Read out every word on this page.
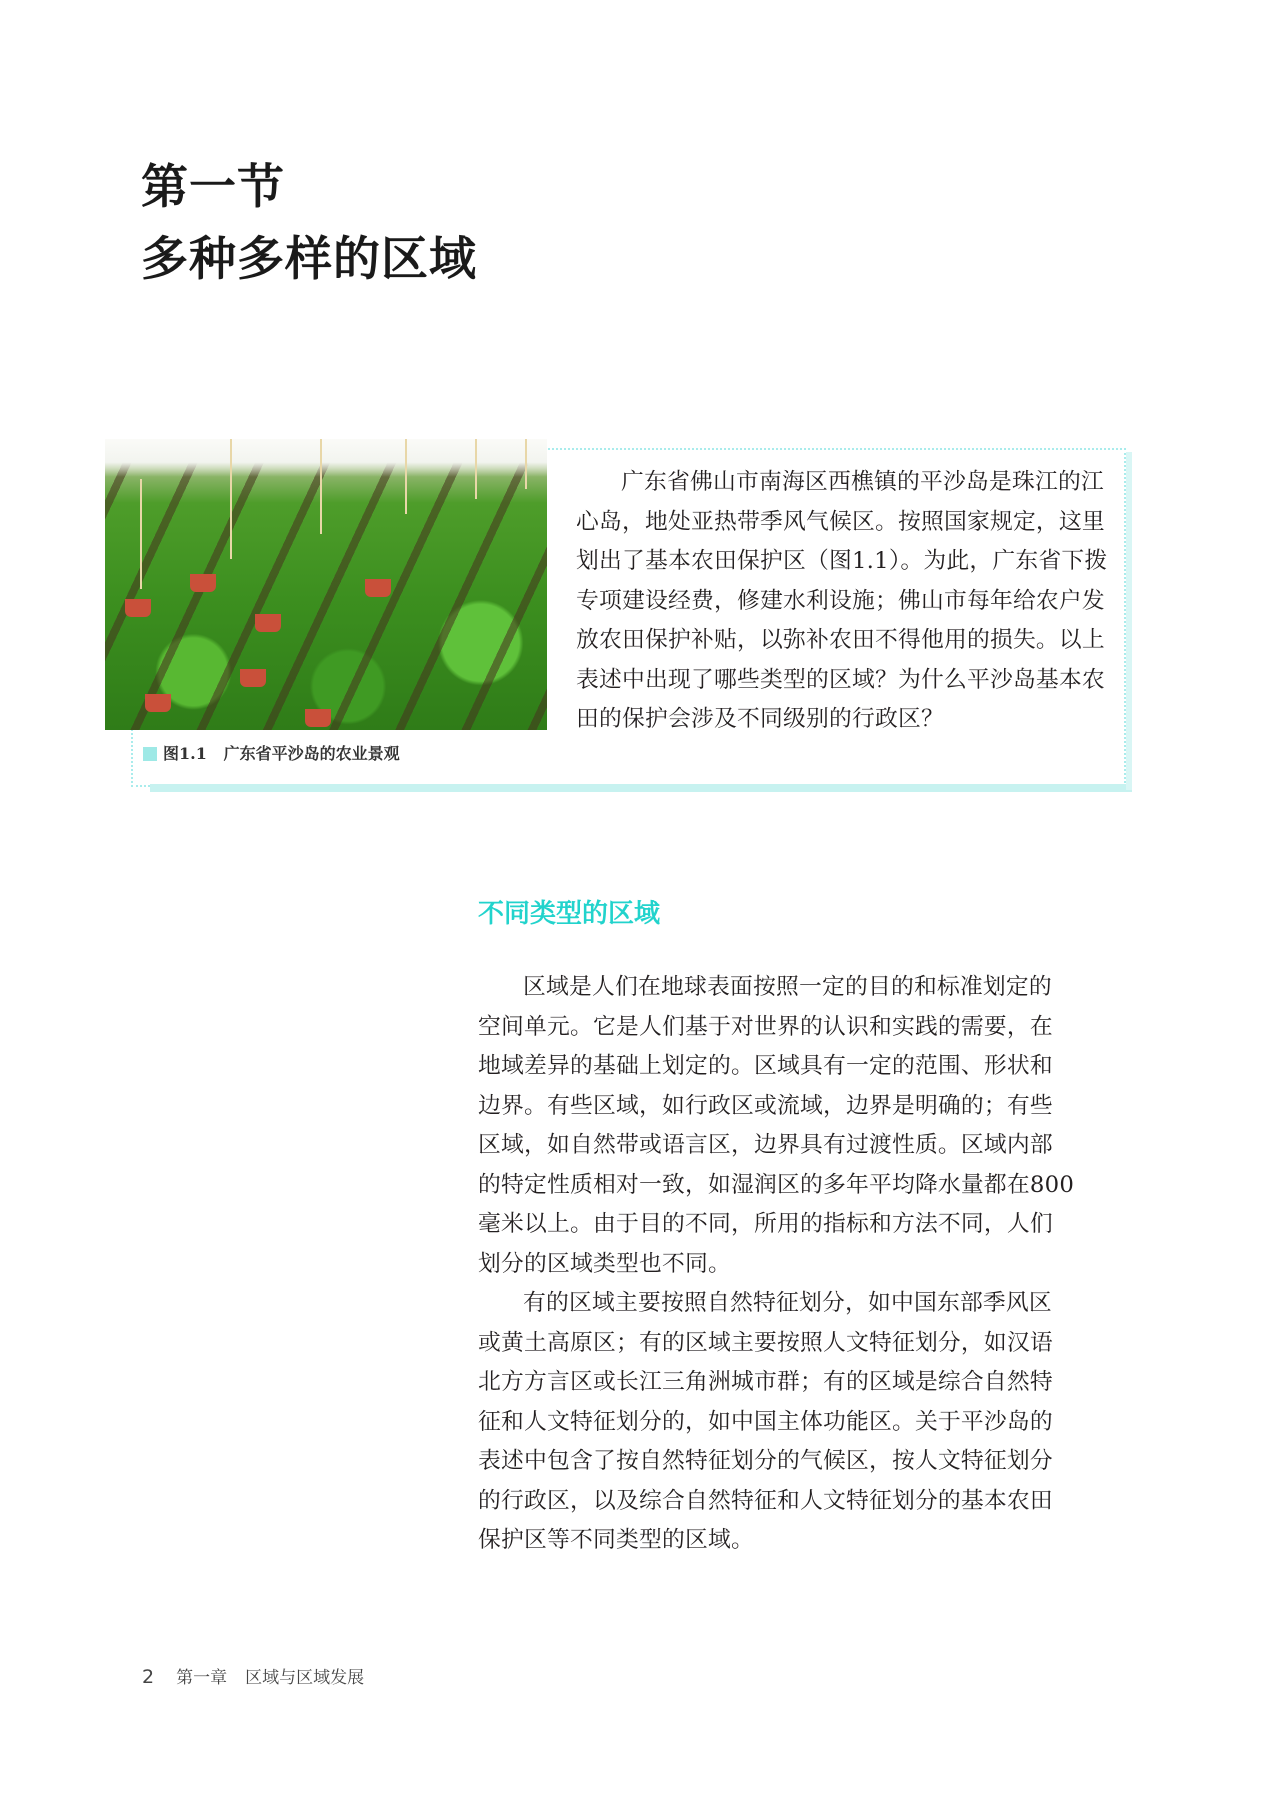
第一节
多种多样的区域
广东省佛山市南海区西樵镇的平沙岛是珠江的江
心岛，地处亚热带季风气候区。按照国家规定，这里
划出了基本农田保护区（图1.1）。为此，广东省下拨
专项建设经费，修建水利设施；佛山市每年给农户发
放农田保护补贴，以弥补农田不得他用的损失。以上
表述中出现了哪些类型的区域？为什么平沙岛基本农
田的保护会涉及不同级别的行政区？
图1.1 广东省平沙岛的农业景观
不同类型的区域
区域是人们在地球表面按照一定的目的和标准划定的
空间单元。它是人们基于对世界的认识和实践的需要，在
地域差异的基础上划定的。区域具有一定的范围、形状和
边界。有些区域，如行政区或流域，边界是明确的；有些
区域，如自然带或语言区，边界具有过渡性质。区域内部
的特定性质相对一致，如湿润区的多年平均降水量都在800
毫米以上。由于目的不同，所用的指标和方法不同，人们
划分的区域类型也不同。
有的区域主要按照自然特征划分，如中国东部季风区
或黄土高原区；有的区域主要按照人文特征划分，如汉语
北方方言区或长江三角洲城市群；有的区域是综合自然特
征和人文特征划分的，如中国主体功能区。关于平沙岛的
表述中包含了按自然特征划分的气候区，按人文特征划分
的行政区，以及综合自然特征和人文特征划分的基本农田
保护区等不同类型的区域。
2 第一章 区域与区域发展
